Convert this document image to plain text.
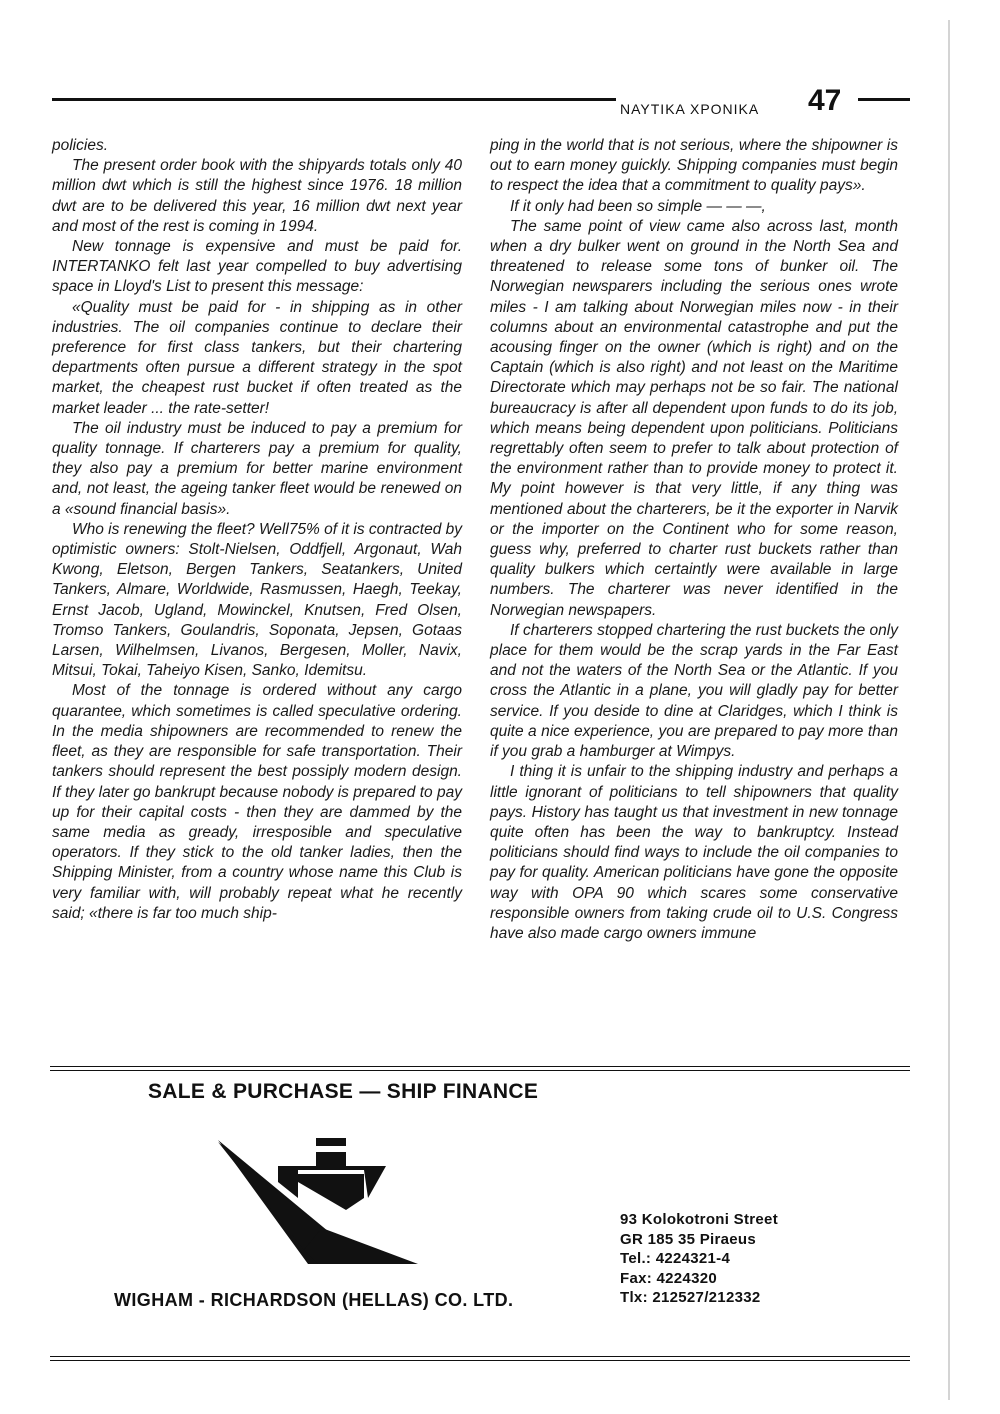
ΝΑΥΤΙΚΑ ΧΡΟΝΙΚΑ 47

policies.

The present order book with the shipyards totals only 40 million dwt which is still the highest since 1976. 18 million dwt are to be delivered this year, 16 million dwt next year and most of the rest is coming in 1994.

New tonnage is expensive and must be paid for. INTERTANKO felt last year compelled to buy advertising space in Lloyd's List to present this message:

«Quality must be paid for - in shipping as in other industries. The oil companies continue to declare their preference for first class tankers, but their chartering departments often pursue a different strategy in the spot market, the cheapest rust bucket if often treated as the market leader ... the rate-setter!

The oil industry must be induced to pay a premium for quality tonnage. If charterers pay a premium for quality, they also pay a premium for better marine environment and, not least, the ageing tanker fleet would be renewed on a «sound financial basis».

Who is renewing the fleet? Well75% of it is contracted by optimistic owners: Stolt-Nielsen, Oddfjell, Argonaut, Wah Kwong, Eletson, Bergen Tankers, Seatankers, United Tankers, Almare, Worldwide, Rasmussen, Haegh, Teekay, Ernst Jacob, Ugland, Mowinckel, Knutsen, Fred Olsen, Tromso Tankers, Goulandris, Soponata, Jepsen, Gotaas Larsen, Wilhelmsen, Livanos, Bergesen, Moller, Navix, Mitsui, Tokai, Taheiyo Kisen, Sanko, Idemitsu.

Most of the tonnage is ordered without any cargo quarantee, which sometimes is called speculative ordering. In the media shipowners are recommended to renew the fleet, as they are responsible for safe transportation. Their tankers should represent the best possiply modern design. If they later go bankrupt because nobody is prepared to pay up for their capital costs - then they are dammed by the same media as gready, irresposible and speculative operators. If they stick to the old tanker ladies, then the Shipping Minister, from a country whose name this Club is very familiar with, will probably repeat what he recently said; «there is far too much ship-

ping in the world that is not serious, where the shipowner is out to earn money guickly. Shipping companies must begin to respect the idea that a commitment to quality pays».

If it only had been so simple — — —,

The same point of view came also across last, month when a dry bulker went on ground in the North Sea and threatened to release some tons of bunker oil. The Norwegian newsparers including the serious ones wrote miles - I am talking about Norwegian miles now - in their columns about an environmental catastrophe and put the acousing finger on the owner (which is right) and on the Captain (which is also right) and not least on the Maritime Directorate which may perhaps not be so fair. The national bureaucracy is after all dependent upon funds to do its job, which means being dependent upon politicians. Politicians regrettably often seem to prefer to talk about protection of the environment rather than to provide money to protect it. My point however is that very little, if any thing was mentioned about the charterers, be it the exporter in Narvik or the importer on the Continent who for some reason, guess why, preferred to charter rust buckets rather than quality bulkers which certaintly were available in large numbers. The charterer was never identified in the Norwegian newspapers.

If charterers stopped chartering the rust buckets the only place for them would be the scrap yards in the Far East and not the waters of the North Sea or the Atlantic. If you cross the Atlantic in a plane, you will gladly pay for better service. If you deside to dine at Claridges, which I think is quite a nice experience, you are prepared to pay more than if you grab a hamburger at Wimpys.

I thing it is unfair to the shipping industry and perhaps a little ignorant of politicians to tell shipowners that quality pays. History has taught us that investment in new tonnage quite often has been the way to bankruptcy. Instead politicians should find ways to include the oil companies to pay for quality. American politicians have gone the opposite way with OPA 90 which scares some conservative responsible owners from taking crude oil to U.S. Congress have also made cargo owners immune

SALE & PURCHASE — SHIP FINANCE
WIGHAM - RICHARDSON (HELLAS) CO. LTD.
93 Kolokotroni Street
GR 185 35 Piraeus
Tel.: 4224321-4
Fax: 4224320
Tlx: 212527/212332
